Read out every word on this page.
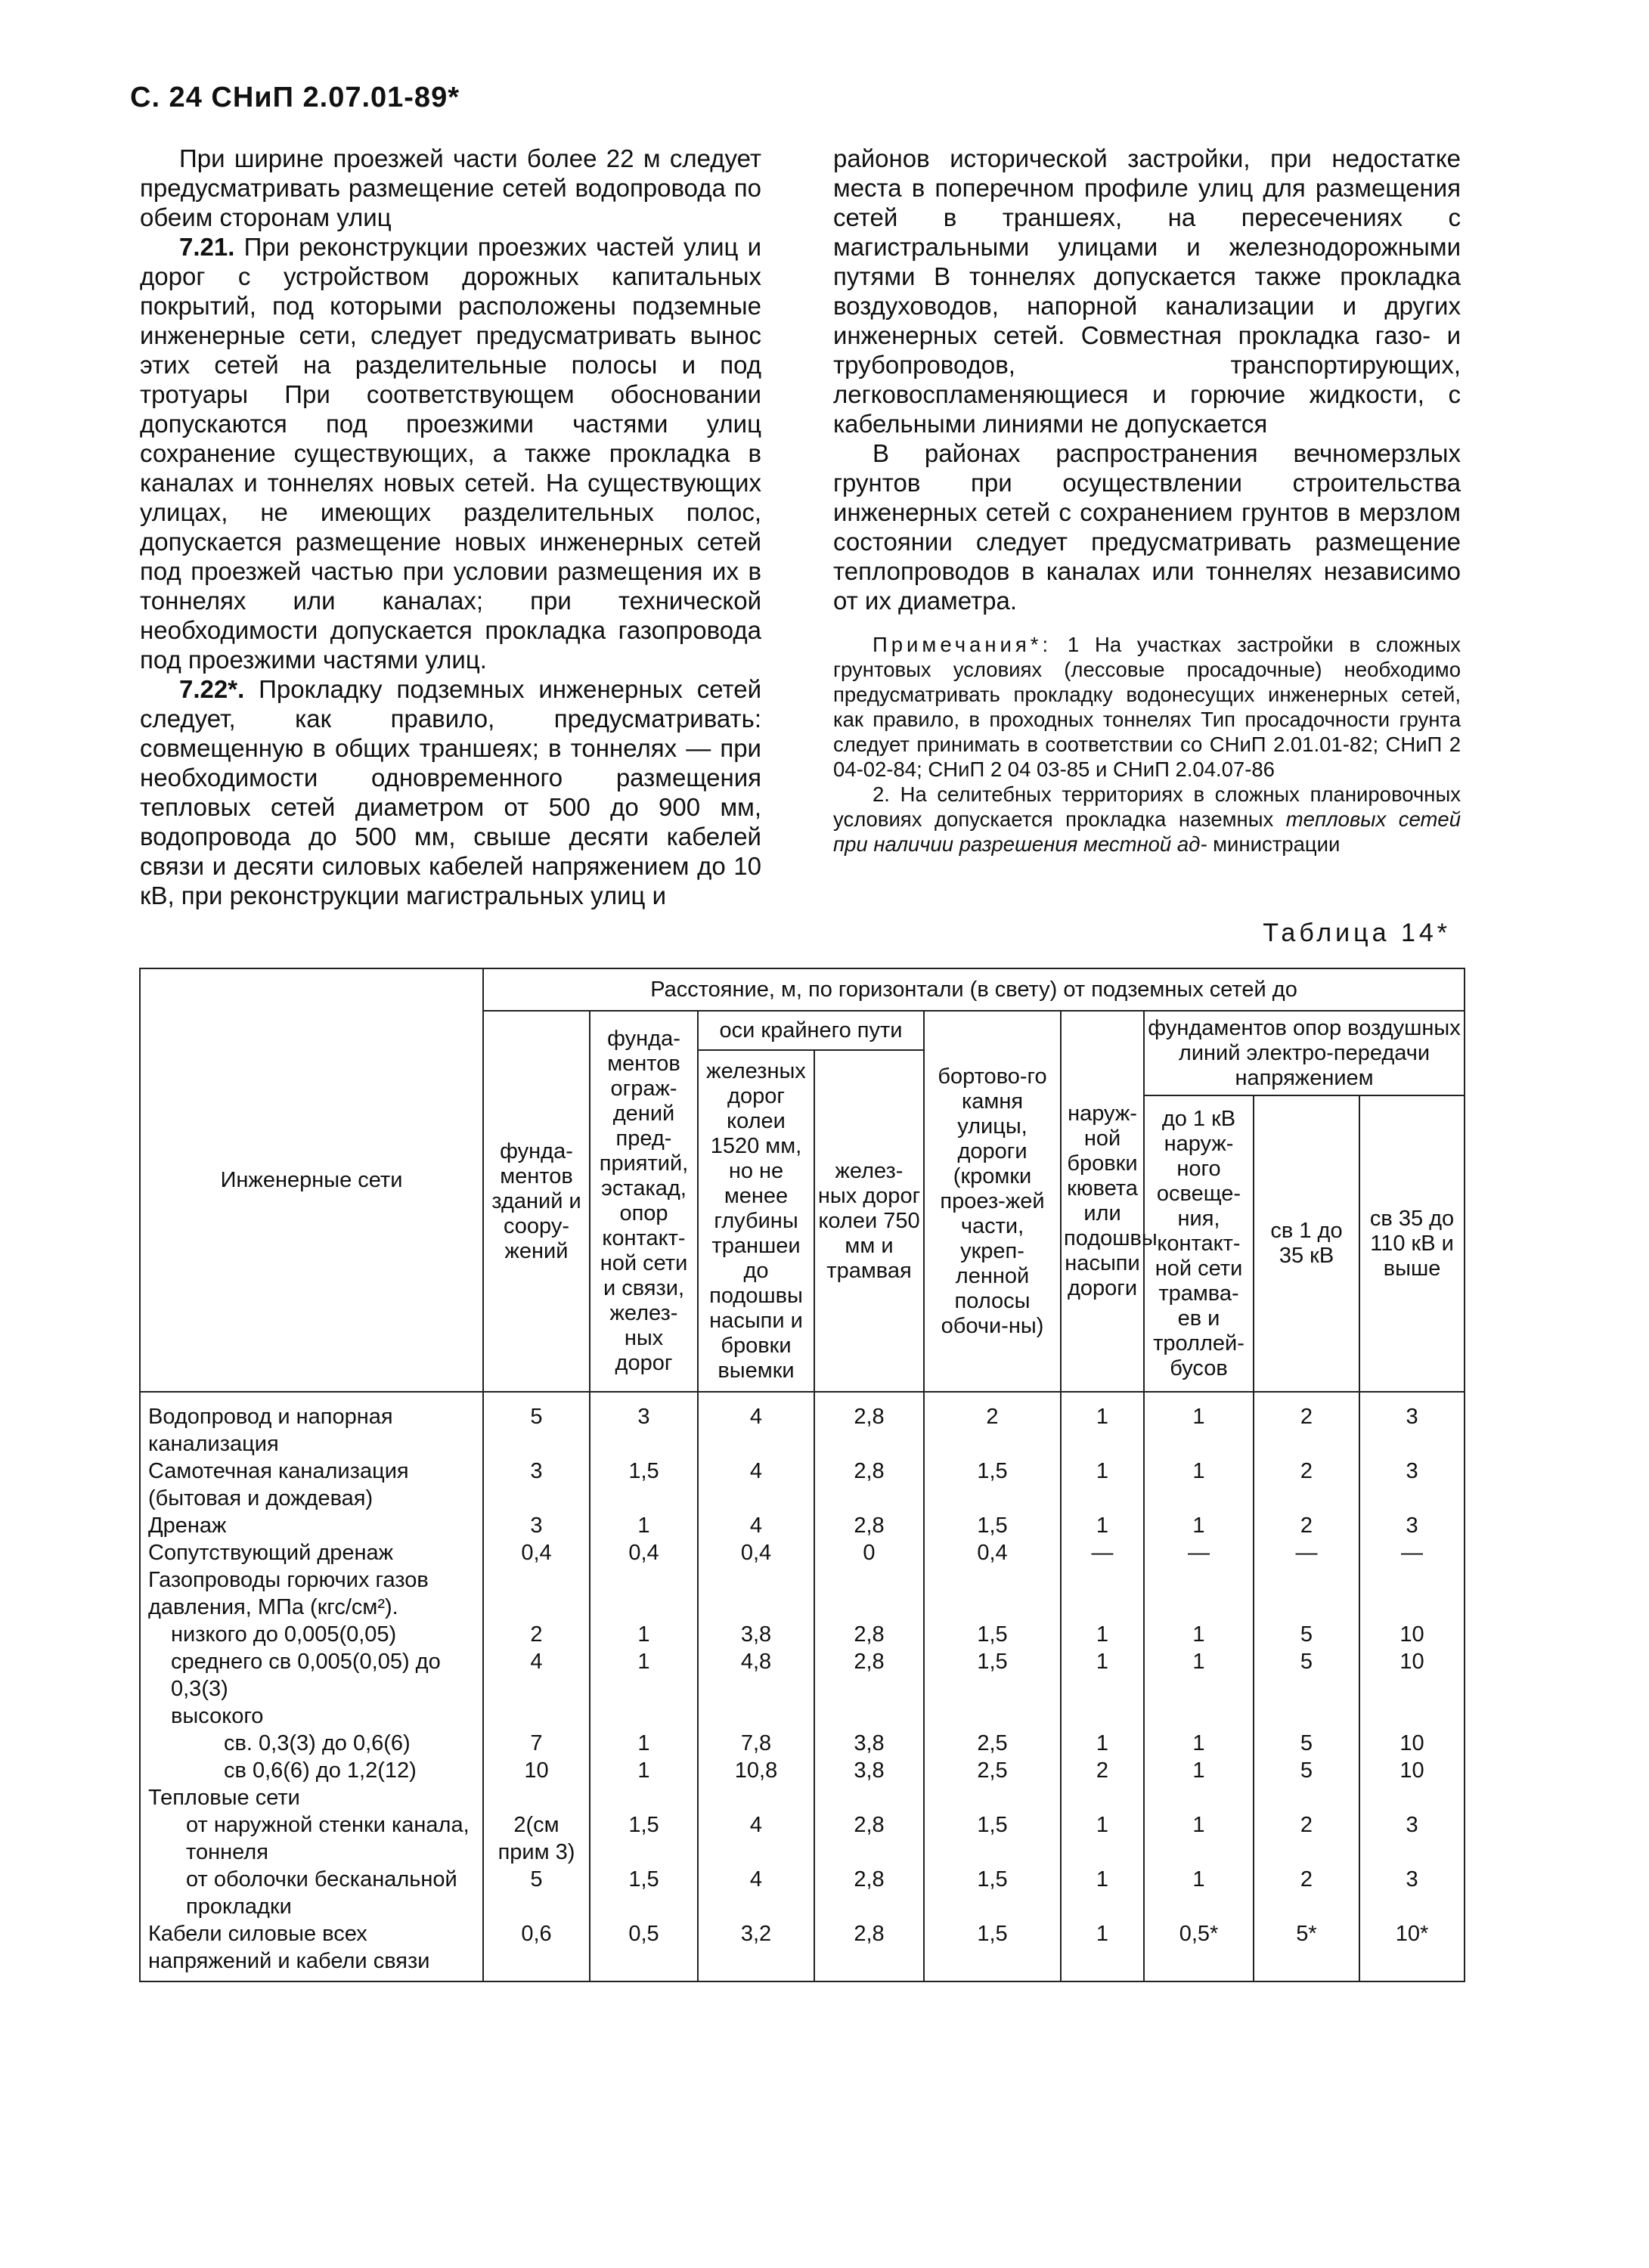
С. 24 СНиП 2.07.01-89*

При ширине проезжей части более 22 м следует предусматривать размещение сетей водопровода по обеим сторонам улиц

7.21. При реконструкции проезжих частей улиц и дорог с устройством дорожных капитальных покрытий, под которыми расположены подземные инженерные сети, следует предусматривать вынос этих сетей на разделительные полосы и под тротуары При соответствующем обосновании допускаются под проезжими частями улиц сохранение существующих, а также прокладка в каналах и тоннелях новых сетей. На существующих улицах, не имеющих разделительных полос, допускается размещение новых инженерных сетей под проезжей частью при условии размещения их в тоннелях или каналах; при технической необходимости допускается прокладка газопровода под проезжими частями улиц.

7.22*. Прокладку подземных инженерных сетей следует, как правило, предусматривать: совмещенную в общих траншеях; в тоннелях — при необходимости одновременного размещения тепловых сетей диаметром от 500 до 900 мм, водопровода до 500 мм, свыше десяти кабелей связи и десяти силовых кабелей напряжением до 10 кВ, при реконструкции магистральных улиц и

районов исторической застройки, при недостатке места в поперечном профиле улиц для размещения сетей в траншеях, на пересечениях с магистральными улицами и железнодорожными путями В тоннелях допускается также прокладка воздуховодов, напорной канализации и других инженерных сетей. Совместная прокладка газо- и трубопроводов, транспортирующих, легковоспламеняющиеся и горючие жидкости, с кабельными линиями не допускается

В районах распространения вечномерзлых грунтов при осуществлении строительства инженерных сетей с сохранением грунтов в мерзлом состоянии следует предусматривать размещение теплопроводов в каналах или тоннелях независимо от их диаметра.

Примечания*: 1 На участках застройки в сложных грунтовых условиях (лессовые просадочные) необходимо предусматривать прокладку водонесущих инженерных сетей, как правило, в проходных тоннелях Тип просадочности грунта следует принимать в соответствии со СНиП 2.01.01-82; СНиП 2 04-02-84; СНиП 2 04 03-85 и СНиП 2.04.07-86

2. На селитебных территориях в сложных планировочных условиях допускается прокладка наземных тепловых сетей при наличии разрешения местной ад- министрации

Таблица 14*
Инженерные сети	Расстояние, м, по горизонтали (в свету) от подземных сетей до								
	фунда-ментов зданий и соору-жений	фунда-ментов ограж-дений пред-приятий, эстакад, опор контакт-ной сети и связи, желез-ных дорог	оси крайнего пути		бортово-го камня улицы, дороги (кромки проез-жей части, укреп-ленной полосы обочи-ны)	наруж-ной бровки кювета или подошвы насыпи дороги	фундаментов опор воздушных линий электро-передачи напряжением		
			железных дорог колеи 1520 мм, но не менее глубины траншеи до подошвы насыпи и бровки выемки	желез-ных дорог колеи 750 мм и трамвая					
							до 1 кВ наруж-ного освеще-ния, контакт-ной сети трамва-ев и троллей-бусов	св 1 до 35 кВ	св 35 до 110 кВ и выше
Водопровод и напорная канализация	5	3	4	2,8	2	1	1	2	3
Самотечная канализация (бытовая и дождевая)	3	1,5	4	2,8	1,5	1	1	2	3
Дренаж	3	1	4	2,8	1,5	1	1	2	3
Сопутствующий дренаж	0,4	0,4	0,4	0	0,4	—	—	—	—
Газопроводы горючих газов давления, МПа (кгс/см²).									
низкого до 0,005(0,05)	2	1	3,8	2,8	1,5	1	1	5	10
среднего св 0,005(0,05) до 0,3(3)	4	1	4,8	2,8	1,5	1	1	5	10
высокого									
св. 0,3(3) до 0,6(6)	7	1	7,8	3,8	2,5	1	1	5	10
св 0,6(6) до 1,2(12)	10	1	10,8	3,8	2,5	2	1	5	10
Тепловые сети									
от наружной стенки канала, тоннеля	2(см прим 3)	1,5	4	2,8	1,5	1	1	2	3
от оболочки бесканальной прокладки	5	1,5	4	2,8	1,5	1	1	2	3
Кабели силовые всех напряжений и кабели связи	0,6	0,5	3,2	2,8	1,5	1	0,5*	5*	10*
